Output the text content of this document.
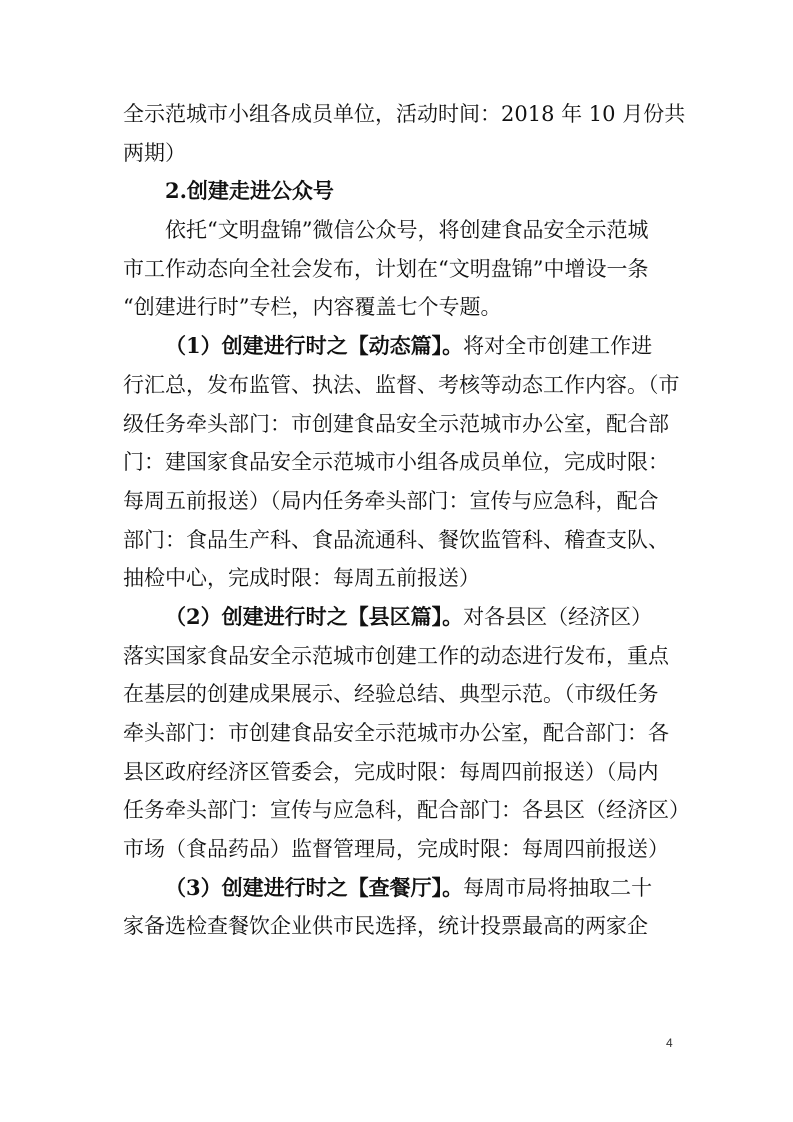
全示范城市小组各成员单位，活动时间：2018 年 10 月份共
两期）
2.创建走进公众号
依托“文明盘锦”微信公众号，将创建食品安全示范城
市工作动态向全社会发布，计划在“文明盘锦”中增设一条
“创建进行时”专栏，内容覆盖七个专题。
（1）创建进行时之【动态篇】。将对全市创建工作进
行汇总，发布监管、执法、监督、考核等动态工作内容。（市
级任务牵头部门：市创建食品安全示范城市办公室，配合部
门：建国家食品安全示范城市小组各成员单位，完成时限：
每周五前报送）（局内任务牵头部门：宣传与应急科，配合
部门：食品生产科、食品流通科、餐饮监管科、稽查支队、
抽检中心，完成时限：每周五前报送）
（2）创建进行时之【县区篇】。对各县区（经济区）
落实国家食品安全示范城市创建工作的动态进行发布，重点
在基层的创建成果展示、经验总结、典型示范。（市级任务
牵头部门：市创建食品安全示范城市办公室，配合部门：各
县区政府经济区管委会，完成时限：每周四前报送）（局内
任务牵头部门：宣传与应急科，配合部门：各县区（经济区）
市场（食品药品）监督管理局，完成时限：每周四前报送）
（3）创建进行时之【查餐厅】。每周市局将抽取二十
家备选检查餐饮企业供市民选择，统计投票最高的两家企
4
